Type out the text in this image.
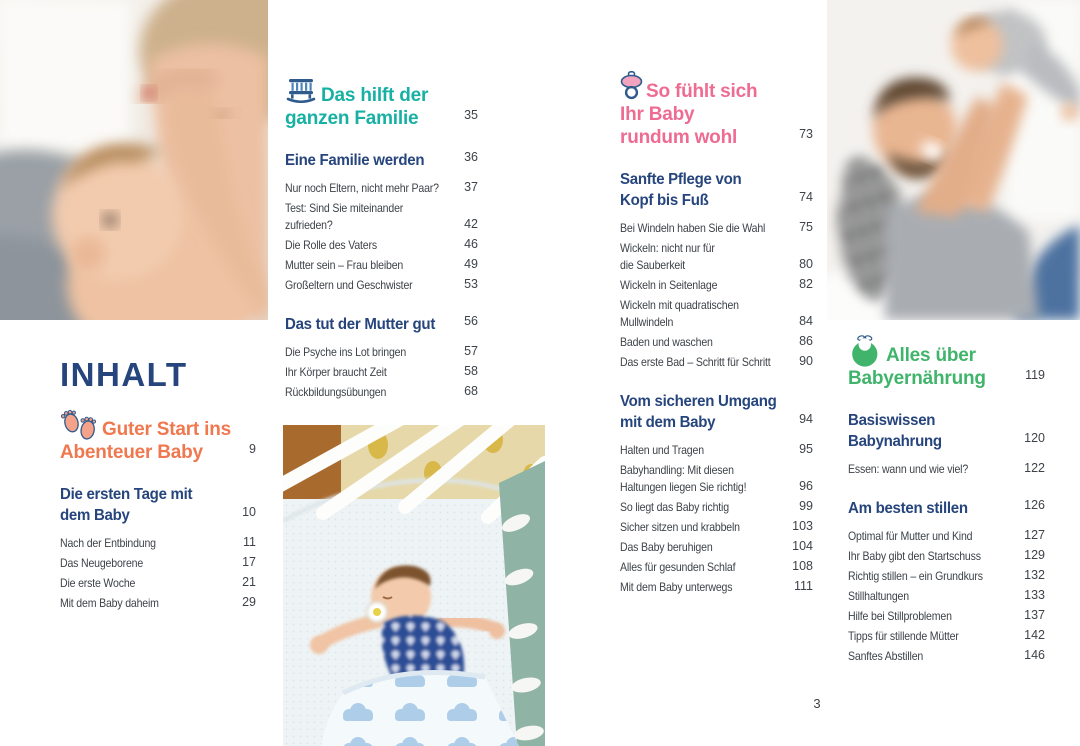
INHALT
Guter Start ins
Abenteuer Baby	9
Die ersten Tage mit
dem Baby	10
Nach der Entbindung	11
Das Neugeborene	17
Die erste Woche	21
Mit dem Baby daheim	29
Das hilft der
ganzen Familie	35
Eine Familie werden	36
Nur noch Eltern, nicht mehr Paar?	37
Test: Sind Sie miteinander
zufrieden?	42
Die Rolle des Vaters	46
Mutter sein – Frau bleiben	49
Großeltern und Geschwister	53
Das tut der Mutter gut	56
Die Psyche ins Lot bringen	57
Ihr Körper braucht Zeit	58
Rückbildungsübungen	68
So fühlt sich
Ihr Baby
rundum wohl	73
Sanfte Pflege von
Kopf bis Fuß	74
Bei Windeln haben Sie die Wahl	75
Wickeln: nicht nur für
die Sauberkeit	80
Wickeln in Seitenlage	82
Wickeln mit quadratischen
Mullwindeln	84
Baden und waschen	86
Das erste Bad – Schritt für Schritt	90
Vom sicheren Umgang
mit dem Baby	94
Halten und Tragen	95
Babyhandling: Mit diesen
Haltungen liegen Sie richtig!	96
So liegt das Baby richtig	99
Sicher sitzen und krabbeln	103
Das Baby beruhigen	104
Alles für gesunden Schlaf	108
Mit dem Baby unterwegs	111
Alles über
Babyernährung	119
Basiswissen
Babynahrung	120
Essen: wann und wie viel?	122
Am besten stillen	126
Optimal für Mutter und Kind	127
Ihr Baby gibt den Startschuss	129
Richtig stillen – ein Grundkurs	132
Stillhaltungen	133
Hilfe bei Stillproblemen	137
Tipps für stillende Mütter	142
Sanftes Abstillen	146
3
